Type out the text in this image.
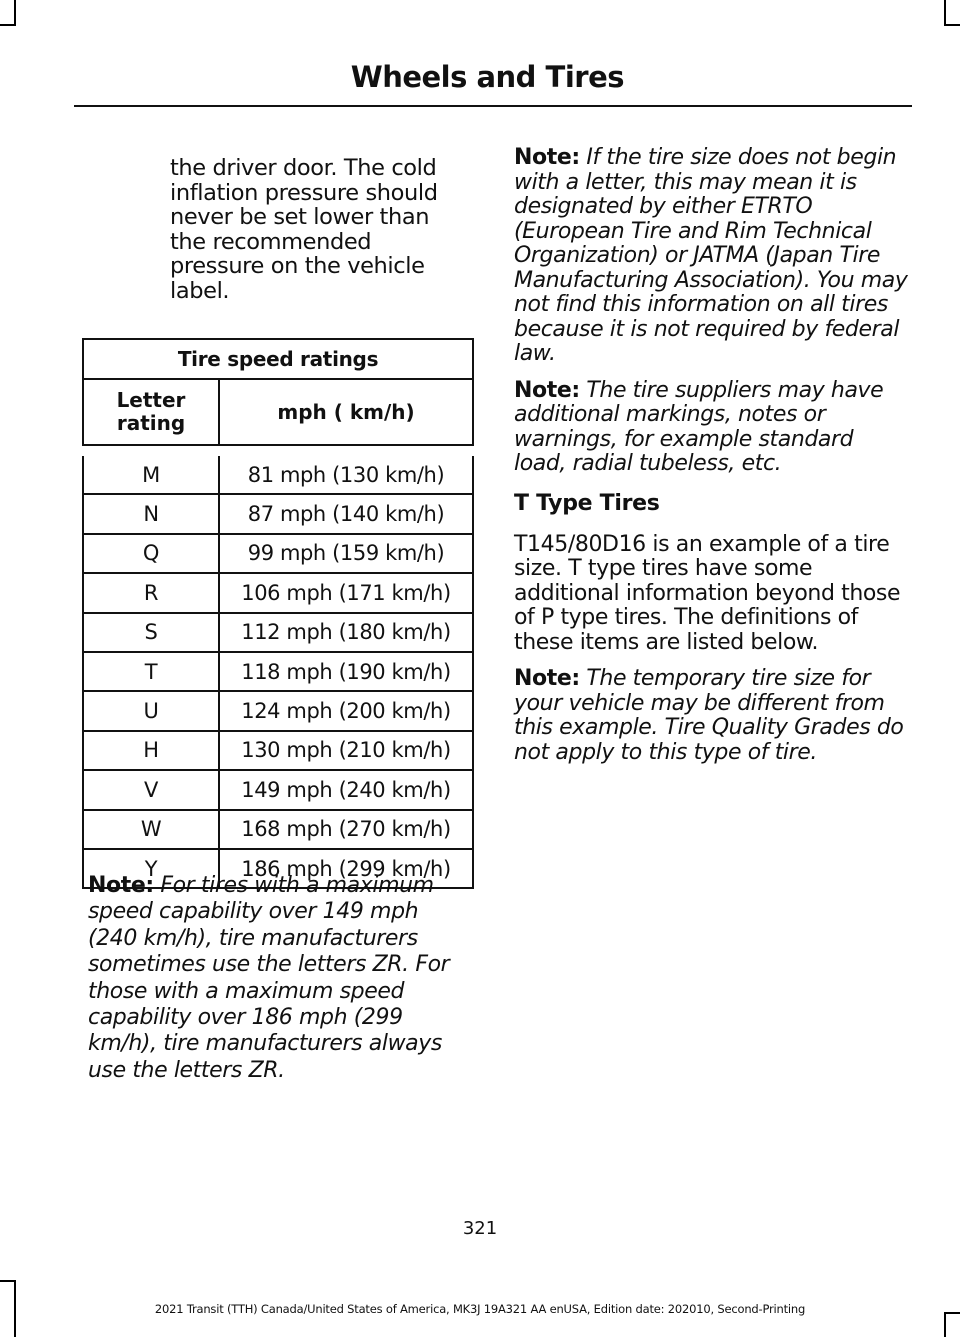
Wheels and Tires
the driver door. The cold inflation pressure should never be set lower than the recommended pressure on the vehicle label.
Tire speed ratings	
Letter rating	mph ( km/h)

M	81 mph (130 km/h)
N	87 mph (140 km/h)
Q	99 mph (159 km/h)
R	106 mph (171 km/h)
S	112 mph (180 km/h)
T	118 mph (190 km/h)
U	124 mph (200 km/h)
H	130 mph (210 km/h)
V	149 mph (240 km/h)
W	168 mph (270 km/h)
Y	186 mph (299 km/h)
Note: For tires with a maximum speed capability over 149 mph (240 km/h), tire manufacturers sometimes use the letters ZR. For those with a maximum speed capability over 186 mph (299 km/h), tire manufacturers always use the letters ZR.

Note: If the tire size does not begin with a letter, this may mean it is designated by either ETRTO (European Tire and Rim Technical Organization) or JATMA (Japan Tire Manufacturing Association). You may not find this information on all tires because it is not required by federal law.

Note: The tire suppliers may have additional markings, notes or warnings, for example standard load, radial tubeless, etc.

T Type Tires

T145/80D16 is an example of a tire size. T type tires have some additional information beyond those of P type tires. The definitions of these items are listed below.

Note: The temporary tire size for your vehicle may be different from this example. Tire Quality Grades do not apply to this type of tire.

321
2021 Transit (TTH) Canada/United States of America, MK3J 19A321 AA enUSA, Edition date: 202010, Second-Printing
